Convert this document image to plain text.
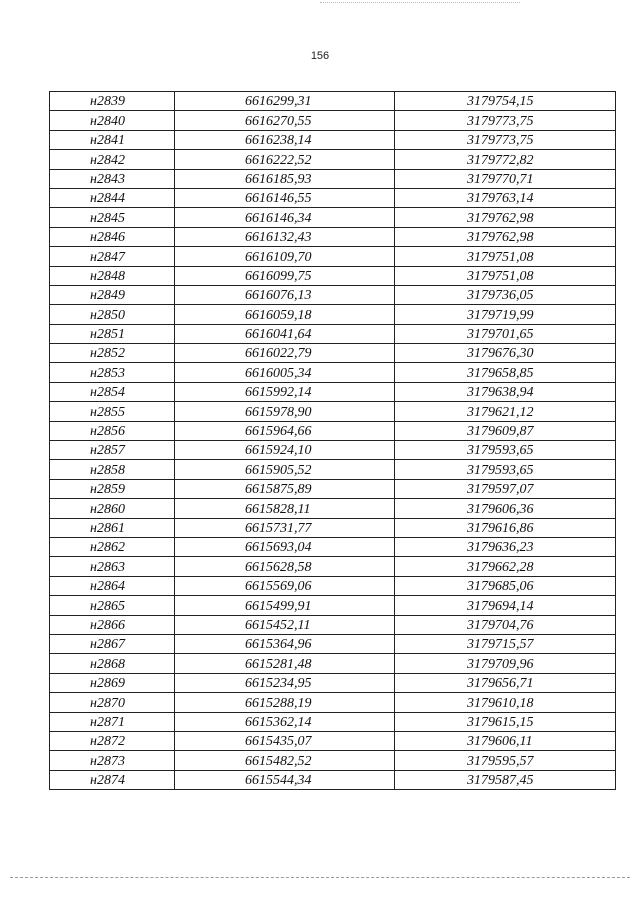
156
н2839	6616299,31	3179754,15
н2840	6616270,55	3179773,75
н2841	6616238,14	3179773,75
н2842	6616222,52	3179772,82
н2843	6616185,93	3179770,71
н2844	6616146,55	3179763,14
н2845	6616146,34	3179762,98
н2846	6616132,43	3179762,98
н2847	6616109,70	3179751,08
н2848	6616099,75	3179751,08
н2849	6616076,13	3179736,05
н2850	6616059,18	3179719,99
н2851	6616041,64	3179701,65
н2852	6616022,79	3179676,30
н2853	6616005,34	3179658,85
н2854	6615992,14	3179638,94
н2855	6615978,90	3179621,12
н2856	6615964,66	3179609,87
н2857	6615924,10	3179593,65
н2858	6615905,52	3179593,65
н2859	6615875,89	3179597,07
н2860	6615828,11	3179606,36
н2861	6615731,77	3179616,86
н2862	6615693,04	3179636,23
н2863	6615628,58	3179662,28
н2864	6615569,06	3179685,06
н2865	6615499,91	3179694,14
н2866	6615452,11	3179704,76
н2867	6615364,96	3179715,57
н2868	6615281,48	3179709,96
н2869	6615234,95	3179656,71
н2870	6615288,19	3179610,18
н2871	6615362,14	3179615,15
н2872	6615435,07	3179606,11
н2873	6615482,52	3179595,57
н2874	6615544,34	3179587,45
